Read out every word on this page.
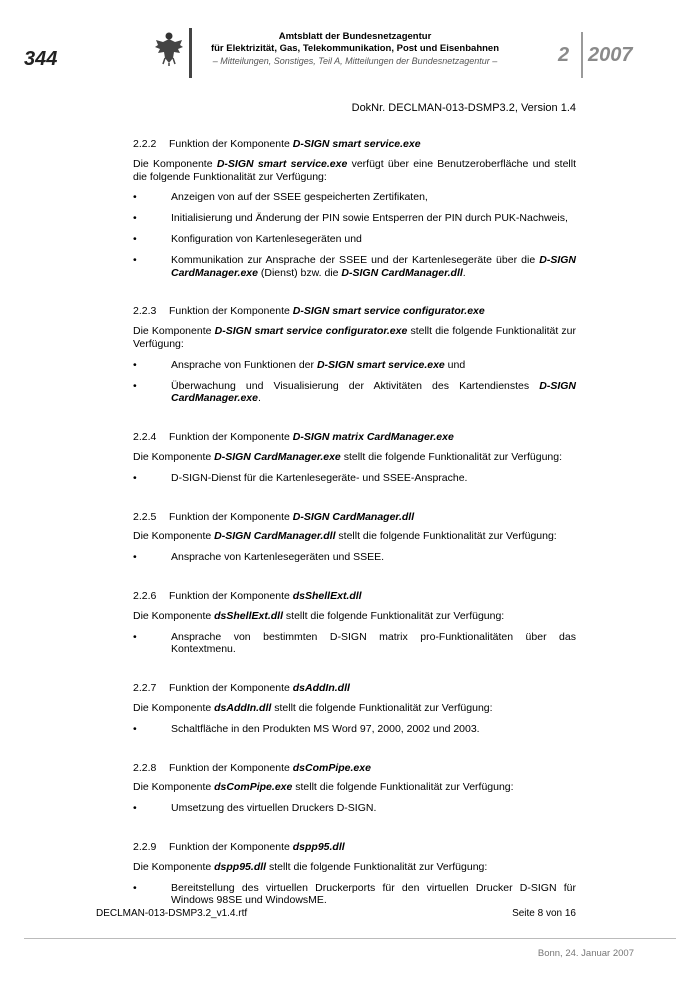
344
Amtsblatt der Bundesnetzagentur
für Elektrizität, Gas, Telekommunikation, Post und Eisenbahnen
– Mitteilungen, Sonstiges, Teil A, Mitteilungen der Bundesnetzagentur –	2 2007
DokNr. DECLMAN-013-DSMP3.2, Version 1.4
2.2.2 Funktion der Komponente D-SIGN smart service.exe
Die Komponente D-SIGN smart service.exe verfügt über eine Benutzeroberfläche und stellt die folgende Funktionalität zur Verfügung:
• Anzeigen von auf der SSEE gespeicherten Zertifikaten,
• Initialisierung und Änderung der PIN sowie Entsperren der PIN durch PUK-Nachweis,
• Konfiguration von Kartenlesegeräten und
• Kommunikation zur Ansprache der SSEE und der Kartenlesegeräte über die D-SIGN CardManager.exe (Dienst) bzw. die D-SIGN CardManager.dll.
2.2.3 Funktion der Komponente D-SIGN smart service configurator.exe
Die Komponente D-SIGN smart service configurator.exe stellt die folgende Funktionalität zur Verfügung:
• Ansprache von Funktionen der D-SIGN smart service.exe und
• Überwachung und Visualisierung der Aktivitäten des Kartendienstes D-SIGN CardManager.exe.
2.2.4 Funktion der Komponente D-SIGN matrix CardManager.exe
Die Komponente D-SIGN CardManager.exe stellt die folgende Funktionalität zur Verfügung:
• D-SIGN-Dienst für die Kartenlesegeräte- und SSEE-Ansprache.
2.2.5 Funktion der Komponente D-SIGN CardManager.dll
Die Komponente D-SIGN CardManager.dll stellt die folgende Funktionalität zur Verfügung:
• Ansprache von Kartenlesegeräten und SSEE.
2.2.6 Funktion der Komponente dsShellExt.dll
Die Komponente dsShellExt.dll stellt die folgende Funktionalität zur Verfügung:
• Ansprache von bestimmten D-SIGN matrix pro-Funktionalitäten über das Kontextmenu.
2.2.7 Funktion der Komponente dsAddIn.dll
Die Komponente dsAddIn.dll stellt die folgende Funktionalität zur Verfügung:
• Schaltfläche in den Produkten MS Word 97, 2000, 2002 und 2003.
2.2.8 Funktion der Komponente dsComPipe.exe
Die Komponente dsComPipe.exe stellt die folgende Funktionalität zur Verfügung:
• Umsetzung des virtuellen Druckers D-SIGN.
2.2.9 Funktion der Komponente dspp95.dll
Die Komponente dspp95.dll stellt die folgende Funktionalität zur Verfügung:
• Bereitstellung des virtuellen Druckerports für den virtuellen Drucker D-SIGN für Windows 98SE und WindowsME.
DECLMAN-013-DSMP3.2_v1.4.rtf	Seite 8 von 16
Bonn, 24. Januar 2007
